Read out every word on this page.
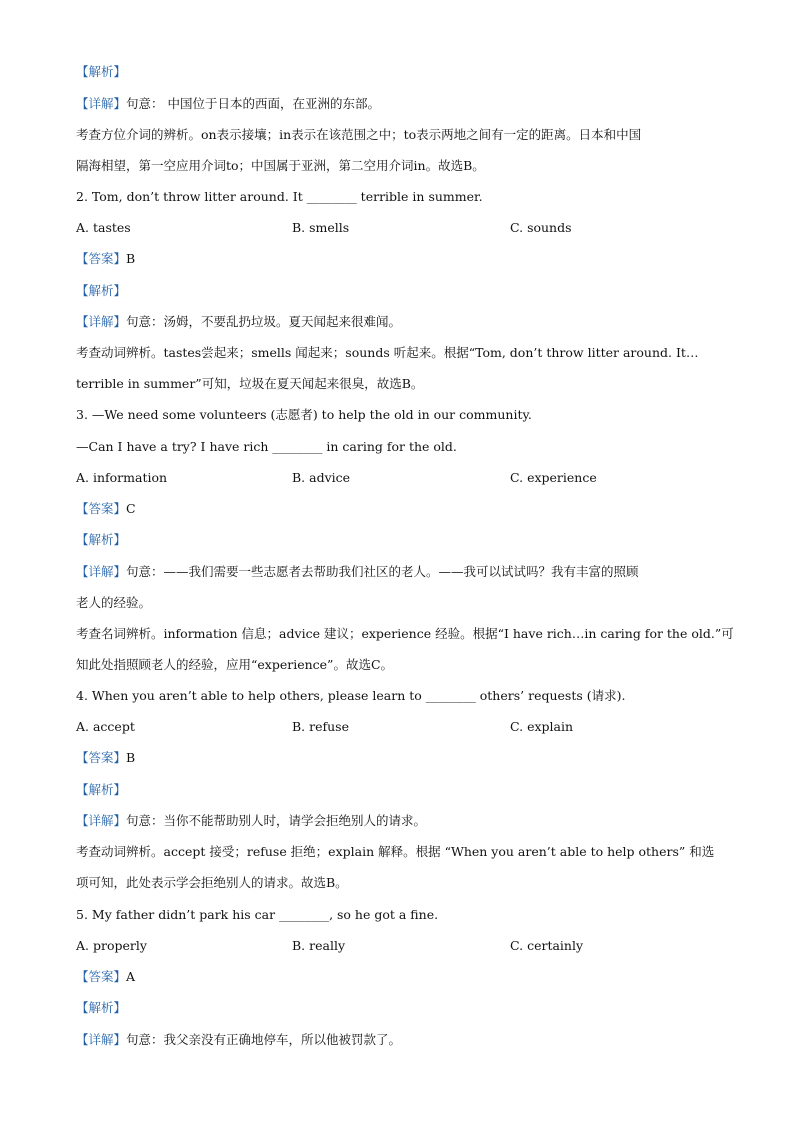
【解析】
【详解】句意： 中国位于日本的西面，在亚洲的东部。
考查方位介词的辨析。on表示接壤；in表示在该范围之中；to表示两地之间有一定的距离。日本和中国
隔海相望，第一空应用介词to；中国属于亚洲，第二空用介词in。故选B。
2. Tom, don’t throw litter around. It ________ terrible in summer.
A. tastes	B. smells	C. sounds
【答案】B
【解析】
【详解】句意：汤姆，不要乱扔垃圾。夏天闻起来很难闻。
考查动词辨析。tastes尝起来；smells 闻起来；sounds 听起来。根据“Tom, don’t throw litter around. It…
terrible in summer”可知，垃圾在夏天闻起来很臭，故选B。
3. —We need some volunteers (志愿者) to help the old in our community.
—Can I have a try? I have rich ________ in caring for the old.
A. information	B. advice	C. experience
【答案】C
【解析】
【详解】句意：——我们需要一些志愿者去帮助我们社区的老人。——我可以试试吗？我有丰富的照顾
老人的经验。
考查名词辨析。information 信息；advice 建议；experience 经验。根据“I have rich…in caring for the old.”可
知此处指照顾老人的经验，应用“experience”。故选C。
4. When you aren’t able to help others, please learn to ________ others’ requests (请求).
A. accept	B. refuse	C. explain
【答案】B
【解析】
【详解】句意：当你不能帮助别人时，请学会拒绝别人的请求。
考查动词辨析。accept 接受；refuse 拒绝；explain 解释。根据 “When you aren’t able to help others” 和选
项可知，此处表示学会拒绝别人的请求。故选B。
5. My father didn’t park his car ________, so he got a fine.
A. properly	B. really	C. certainly
【答案】A
【解析】
【详解】句意：我父亲没有正确地停车，所以他被罚款了。
